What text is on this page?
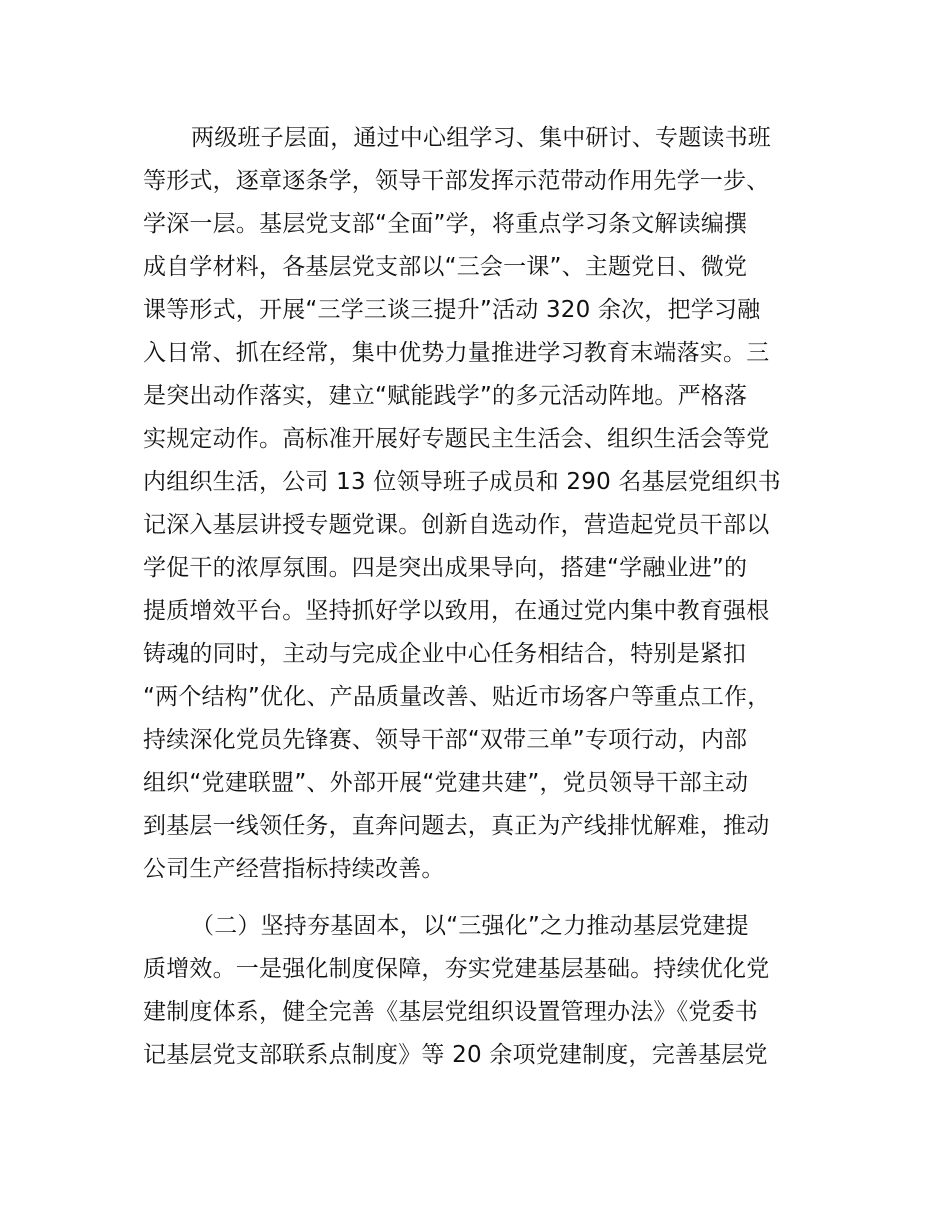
两级班子层面，通过中心组学习、集中研讨、专题读书班
等形式，逐章逐条学，领导干部发挥示范带动作用先学一步、
学深一层。基层党支部“全面”学，将重点学习条文解读编撰
成自学材料，各基层党支部以“三会一课”、主题党日、微党
课等形式，开展“三学三谈三提升”活动 320 余次，把学习融
入日常、抓在经常，集中优势力量推进学习教育末端落实。三
是突出动作落实，建立“赋能践学”的多元活动阵地。严格落
实规定动作。高标准开展好专题民主生活会、组织生活会等党
内组织生活，公司 13 位领导班子成员和 290 名基层党组织书
记深入基层讲授专题党课。创新自选动作，营造起党员干部以
学促干的浓厚氛围。四是突出成果导向，搭建“学融业进”的
提质增效平台。坚持抓好学以致用，在通过党内集中教育强根
铸魂的同时，主动与完成企业中心任务相结合，特别是紧扣
“两个结构”优化、产品质量改善、贴近市场客户等重点工作，
持续深化党员先锋赛、领导干部“双带三单”专项行动，内部
组织“党建联盟”、外部开展“党建共建”，党员领导干部主动
到基层一线领任务，直奔问题去，真正为产线排忧解难，推动
公司生产经营指标持续改善。
（二）坚持夯基固本，以“三强化”之力推动基层党建提
质增效。一是强化制度保障，夯实党建基层基础。持续优化党
建制度体系，健全完善《基层党组织设置管理办法》《党委书
记基层党支部联系点制度》等 20 余项党建制度，完善基层党
